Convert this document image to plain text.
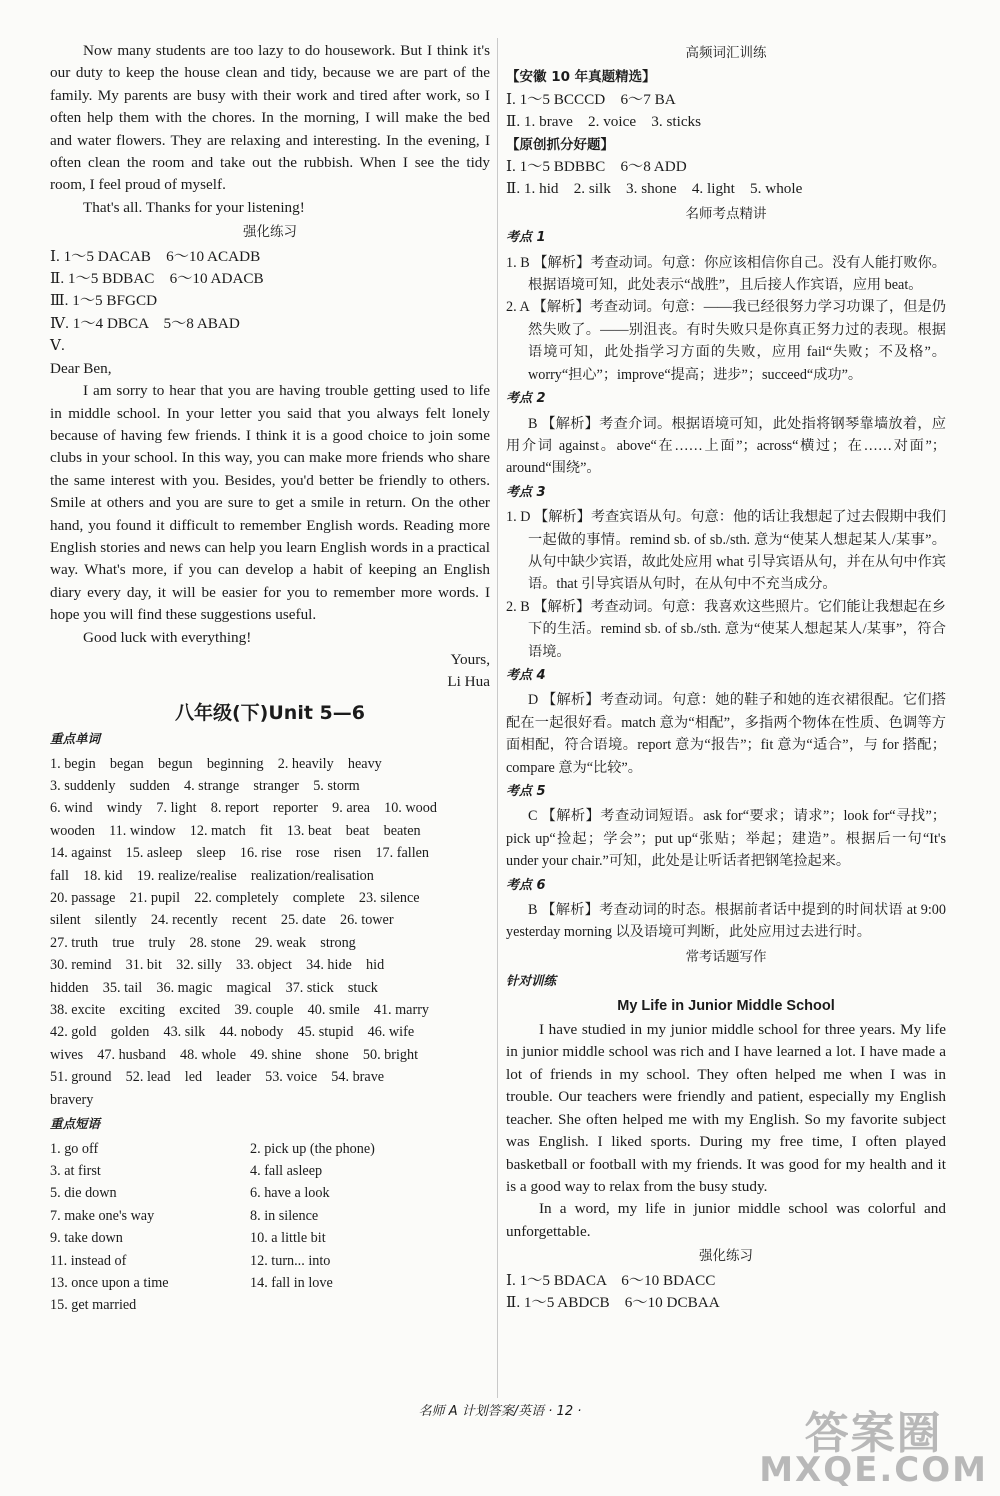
Now many students are too lazy to do housework. But I think it's our duty to keep the house clean and tidy, because we are part of the family. My parents are busy with their work and tired after work, so I often help them with the chores. In the morning, I will make the bed and water flowers. They are relaxing and interesting. In the evening, I often clean the room and take out the rubbish. When I see the tidy room, I feel proud of myself.

That's all. Thanks for your listening!

强化练习

Ⅰ. 1～5 DACAB　6～10 ACADB

Ⅱ. 1～5 BDBAC　6～10 ADACB

Ⅲ. 1～5 BFGCD

Ⅳ. 1～4 DBCA　5～8 ABAD

Ⅴ.

Dear Ben,

I am sorry to hear that you are having trouble getting used to life in middle school. In your letter you said that you always felt lonely because of having few friends. I think it is a good choice to join some clubs in your school. In this way, you can make more friends who share the same interest with you. Besides, you'd better be friendly to others. Smile at others and you are sure to get a smile in return. On the other hand, you found it difficult to remember English words. Reading more English stories and news can help you learn English words in a practical way. What's more, if you can develop a habit of keeping an English diary every day, it will be easier for you to remember more words. I hope you will find these suggestions useful.

Good luck with everything!

Yours,

Li Hua

八年级(下)Unit 5—6
重点单词

1. begin　began　begun　beginning　2. heavily　heavy

3. suddenly　sudden　4. strange　stranger　5. storm

6. wind　windy　7. light　8. report　reporter　9. area　10. wood

wooden　11. window　12. match　fit　13. beat　beat　beaten

14. against　15. asleep　sleep　16. rise　rose　risen　17. fallen

fall　18. kid　19. realize/realise　realization/realisation

20. passage　21. pupil　22. completely　complete　23. silence

silent　silently　24. recently　recent　25. date　26. tower

27. truth　true　truly　28. stone　29. weak　strong

30. remind　31. bit　32. silly　33. object　34. hide　hid

hidden　35. tail　36. magic　magical　37. stick　stuck

38. excite　exciting　excited　39. couple　40. smile　41. marry

42. gold　golden　43. silk　44. nobody　45. stupid　46. wife

wives　47. husband　48. whole　49. shine　shone　50. bright

51. ground　52. lead　led　leader　53. voice　54. brave

bravery

重点短语
1. go off	2. pick up (the phone)
3. at first	4. fall asleep
5. die down	6. have a look
7. make one's way	8. in silence
9. take down	10. a little bit
11. instead of	12. turn... into
13. once upon a time	14. fall in love
15. get married
高频词汇训练

【安徽 10 年真题精选】

Ⅰ. 1～5 BCCCD　6～7 BA

Ⅱ. 1. brave　2. voice　3. sticks

【原创抓分好题】

Ⅰ. 1～5 BDBBC　6～8 ADD

Ⅱ. 1. hid　2. silk　3. shone　4. light　5. whole

名师考点精讲
考点 1

1. B 【解析】考查动词。句意：你应该相信你自己。没有人能打败你。根据语境可知，此处表示“战胜”，且后接人作宾语，应用 beat。

2. A 【解析】考查动词。句意：——我已经很努力学习功课了，但是仍然失败了。——别沮丧。有时失败只是你真正努力过的表现。根据语境可知，此处指学习方面的失败，应用 fail“失败；不及格”。worry“担心”；improve“提高；进步”；succeed“成功”。

考点 2

B 【解析】考查介词。根据语境可知，此处指将钢琴靠墙放着，应用介词 against。above“在……上面”；across“横过；在……对面”；around“围绕”。

考点 3

1. D 【解析】考查宾语从句。句意：他的话让我想起了过去假期中我们一起做的事情。remind sb. of sb./sth. 意为“使某人想起某人/某事”。从句中缺少宾语，故此处应用 what 引导宾语从句，并在从句中作宾语。that 引导宾语从句时，在从句中不充当成分。

2. B 【解析】考查动词。句意：我喜欢这些照片。它们能让我想起在乡下的生活。remind sb. of sb./sth. 意为“使某人想起某人/某事”，符合语境。

考点 4

D 【解析】考查动词。句意：她的鞋子和她的连衣裙很配。它们搭配在一起很好看。match 意为“相配”，多指两个物体在性质、色调等方面相配，符合语境。report 意为“报告”；fit 意为“适合”，与 for 搭配；compare 意为“比较”。

考点 5

C 【解析】考查动词短语。ask for“要求；请求”；look for“寻找”；pick up“捡起；学会”；put up“张贴；举起；建造”。根据后一句“It's under your chair.”可知，此处是让听话者把钢笔捡起来。

考点 6

B 【解析】考查动词的时态。根据前者话中提到的时间状语 at 9:00 yesterday morning 以及语境可判断，此处应用过去进行时。

常考话题写作
针对训练
My Life in Junior Middle School

I have studied in my junior middle school for three years. My life in junior middle school was rich and I have learned a lot. I have made a lot of friends in my school. They often helped me when I was in trouble. Our teachers were friendly and patient, especially my English teacher. She often helped me with my English. So my favorite subject was English. I liked sports. During my free time, I often played basketball or football with my friends. It was good for my health and it is a good way to relax from the busy study.

In a word, my life in junior middle school was colorful and unforgettable.

强化练习

Ⅰ. 1～5 BDACA　6～10 BDACC

Ⅱ. 1～5 ABDCB　6～10 DCBAA

名师 A 计划答案/英语 · 12 ·	答案圈
MXQE.COM
